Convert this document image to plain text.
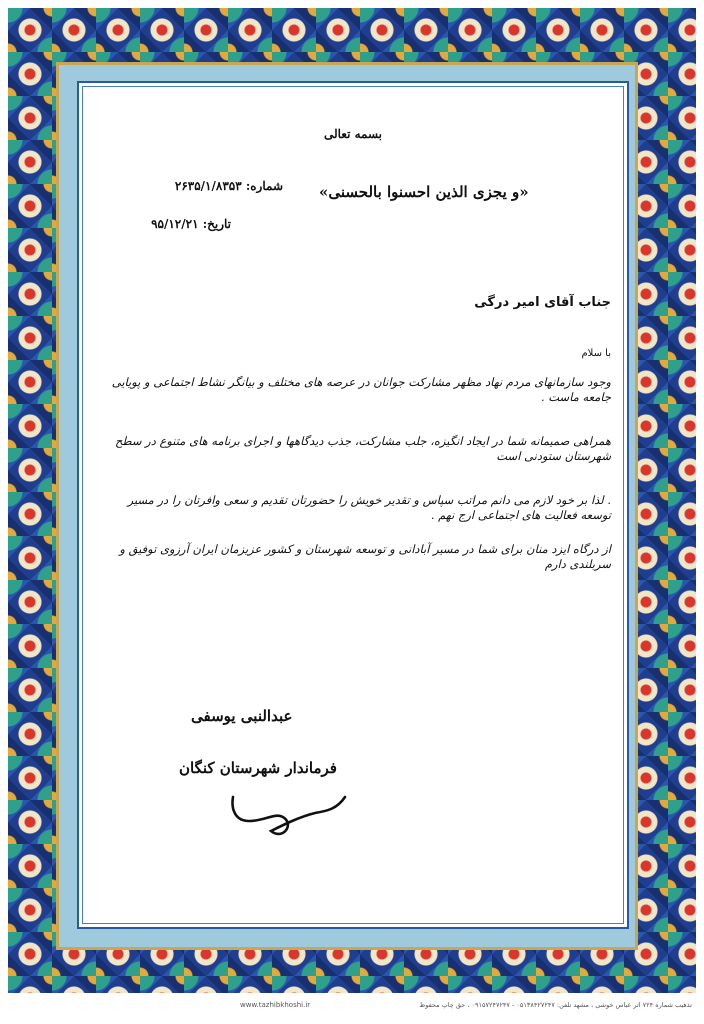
بسمه تعالی
«و یجزی الذین احسنوا بالحسنی»
شماره: ۲۶۳۵/۱/۸۳۵۳
تاریخ: ۹۵/۱۲/۲۱
جناب آقای امیر درگی

با سلام

وجود سازمانهای مردم نهاد مظهر مشارکت جوانان در عرصه های مختلف و بیانگر نشاط اجتماعی و پویایی جامعه ماست .

همراهی صمیمانه شما در ایجاد انگیزه، جلب مشارکت، جذب دیدگاهها و اجرای برنامه های متنوع در سطح شهرستان ستودنی است

. لذا بر خود لازم می دانم مراتب سپاس و تقدیر خویش را حضورتان تقدیم و سعی وافرتان را در مسیر توسعه فعالیت های اجتماعی ارج نهم .

از درگاه ایزد منان برای شما در مسیر آبادانی و توسعه شهرستان و کشور عزیزمان ایران آرزوی توفیق و سربلندی دارم

عبدالنبی یوسفی
فرماندار شهرستان کنگان
www.tazhibkhoshi.ir	تذهیب شماره ۷۲۴ اثر عباس خوشی ، مشهد تلفن: ۰۵۱۳۸۴۲۷۲۴۷ - ۰۹۱۵۷۲۴۷۲۴۷ ، حق چاپ محفوظ
